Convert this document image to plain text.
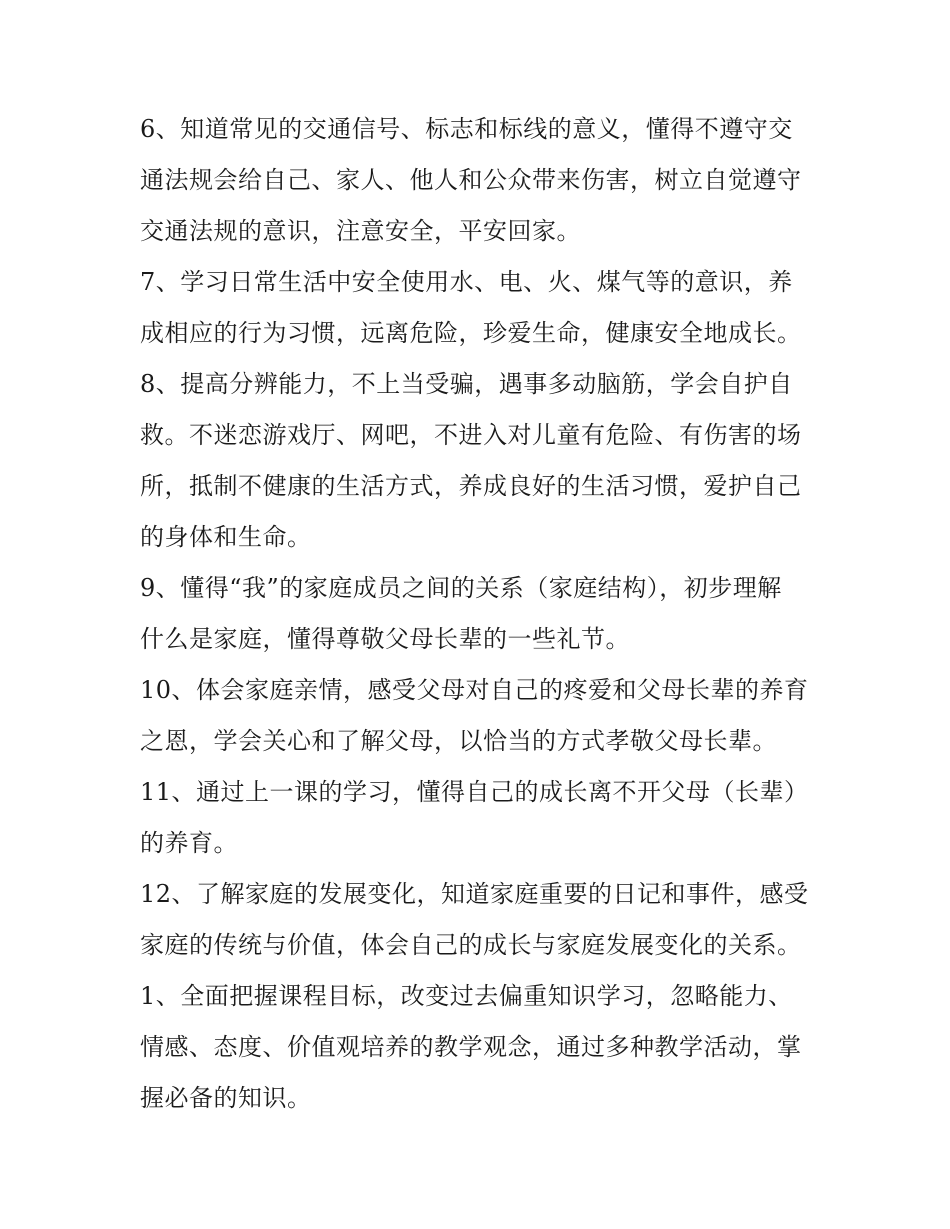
6、知道常见的交通信号、标志和标线的意义，懂得不遵守交
通法规会给自己、家人、他人和公众带来伤害，树立自觉遵守
交通法规的意识，注意安全，平安回家。
7、学习日常生活中安全使用水、电、火、煤气等的意识，养
成相应的行为习惯，远离危险，珍爱生命，健康安全地成长。
8、提高分辨能力，不上当受骗，遇事多动脑筋，学会自护自
救。不迷恋游戏厅、网吧，不进入对儿童有危险、有伤害的场
所，抵制不健康的生活方式，养成良好的生活习惯，爱护自己
的身体和生命。
9、懂得“我”的家庭成员之间的关系（家庭结构），初步理解
什么是家庭，懂得尊敬父母长辈的一些礼节。
10、体会家庭亲情，感受父母对自己的疼爱和父母长辈的养育
之恩，学会关心和了解父母，以恰当的方式孝敬父母长辈。
11、通过上一课的学习，懂得自己的成长离不开父母（长辈）
的养育。
12、了解家庭的发展变化，知道家庭重要的日记和事件，感受
家庭的传统与价值，体会自己的成长与家庭发展变化的关系。
1、全面把握课程目标，改变过去偏重知识学习，忽略能力、
情感、态度、价值观培养的教学观念，通过多种教学活动，掌
握必备的知识。
